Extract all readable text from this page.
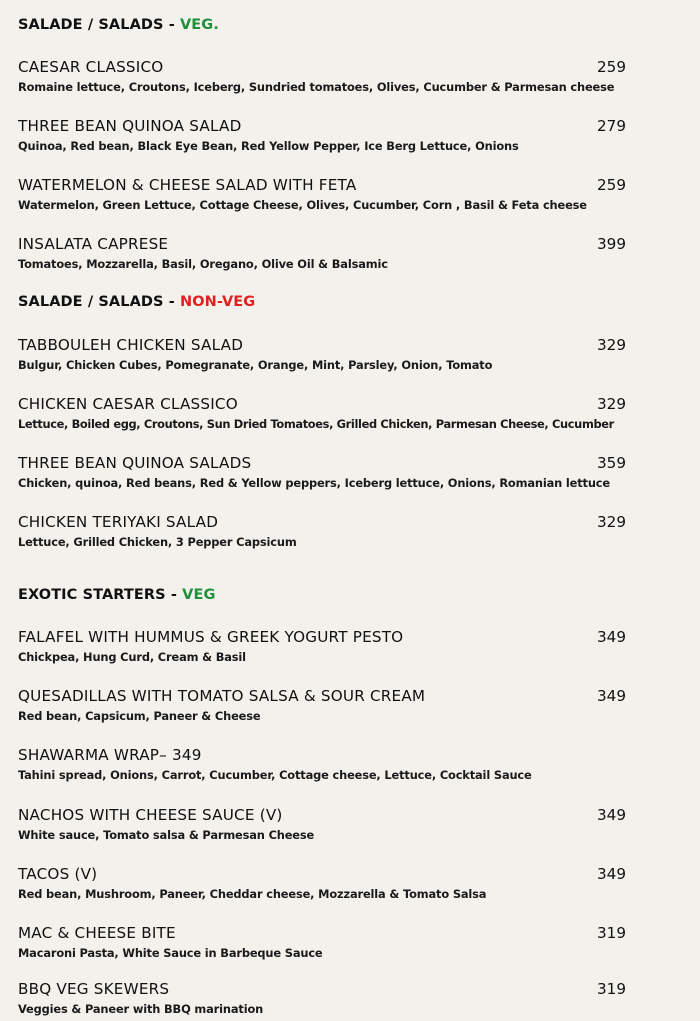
SALADE / SALADS - VEG.
CAESAR CLASSICO	259
Romaine lettuce, Croutons, Iceberg, Sundried tomatoes, Olives, Cucumber & Parmesan cheese
THREE BEAN QUINOA SALAD	279
Quinoa, Red bean, Black Eye Bean, Red Yellow Pepper, Ice Berg Lettuce, Onions
WATERMELON & CHEESE SALAD WITH FETA	259
Watermelon, Green Lettuce, Cottage Cheese, Olives, Cucumber, Corn , Basil & Feta cheese
INSALATA CAPRESE	399
Tomatoes, Mozzarella, Basil, Oregano, Olive Oil & Balsamic
SALADE / SALADS - NON-VEG
TABBOULEH CHICKEN SALAD	329
Bulgur, Chicken Cubes, Pomegranate, Orange, Mint, Parsley, Onion, Tomato
CHICKEN CAESAR CLASSICO	329
Lettuce, Boiled egg, Croutons, Sun Dried Tomatoes, Grilled Chicken, Parmesan Cheese, Cucumber
THREE BEAN QUINOA SALADS	359
Chicken, quinoa, Red beans, Red & Yellow peppers, Iceberg lettuce, Onions, Romanian lettuce
CHICKEN TERIYAKI SALAD	329
Lettuce, Grilled Chicken, 3 Pepper Capsicum
EXOTIC STARTERS - VEG
FALAFEL WITH HUMMUS & GREEK YOGURT PESTO	349
Chickpea, Hung Curd, Cream & Basil
QUESADILLAS WITH TOMATO SALSA & SOUR CREAM	349
Red bean, Capsicum, Paneer & Cheese
SHAWARMA WRAP– 349
Tahini spread, Onions, Carrot, Cucumber, Cottage cheese, Lettuce, Cocktail Sauce
NACHOS WITH CHEESE SAUCE (V)	349
White sauce, Tomato salsa & Parmesan Cheese
TACOS (V)	349
Red bean, Mushroom, Paneer, Cheddar cheese, Mozzarella & Tomato Salsa
MAC & CHEESE BITE	319
Macaroni Pasta, White Sauce in Barbeque Sauce
BBQ VEG SKEWERS	319
Veggies & Paneer with BBQ marination
